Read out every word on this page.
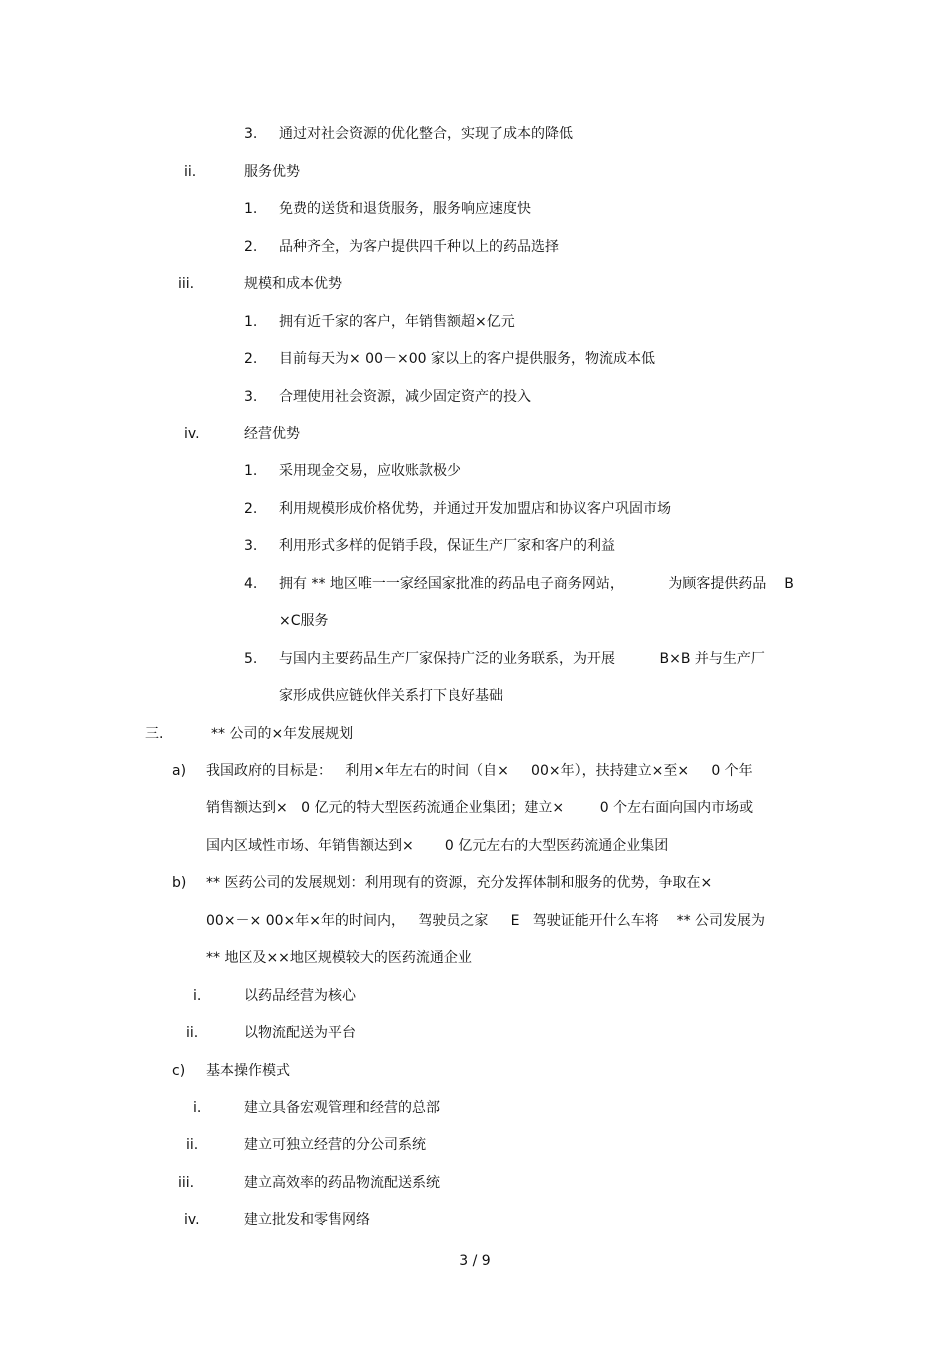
3. 通过对社会资源的优化整合，实现了成本的降低
ii.	服务优势
1. 免费的送货和退货服务，服务响应速度快
2. 品种齐全，为客户提供四千种以上的药品选择
iii.	规模和成本优势
1. 拥有近千家的客户，年销售额超×亿元
2. 目前每天为× 00－×00 家以上的客户提供服务，物流成本低
3. 合理使用社会资源，减少固定资产的投入
iv.	经营优势
1. 采用现金交易，应收账款极少
2. 利用规模形成价格优势，并通过开发加盟店和协议客户巩固市场
3. 利用形式多样的促销手段，保证生产厂家和客户的利益
4. 拥有 ** 地区唯一一家经国家批准的药品电子商务网站，          为顾客提供药品    B
×C服务
5. 与国内主要药品生产厂家保持广泛的业务联系，为开展          B×B 并与生产厂
家形成供应链伙伴关系打下良好基础
三.	** 公司的×年发展规划
a) 我国政府的目标是：   利用×年左右的时间（自×     00×年），扶持建立×至×     0 个年
销售额达到×   0 亿元的特大型医药流通企业集团；建立×        0 个左右面向国内市场或
国内区域性市场、年销售额达到×       0 亿元左右的大型医药流通企业集团
b) ** 医药公司的发展规划：利用现有的资源，充分发挥体制和服务的优势，争取在×
00×－× 00×年×年的时间内，   驾驶员之家     E   驾驶证能开什么车将    ** 公司发展为
** 地区及××地区规模较大的医药流通企业
i.	以药品经营为核心
ii.	以物流配送为平台
c) 基本操作模式
i.	建立具备宏观管理和经营的总部
ii.	建立可独立经营的分公司系统
iii.	建立高效率的药品物流配送系统
iv.	建立批发和零售网络
3 / 9
